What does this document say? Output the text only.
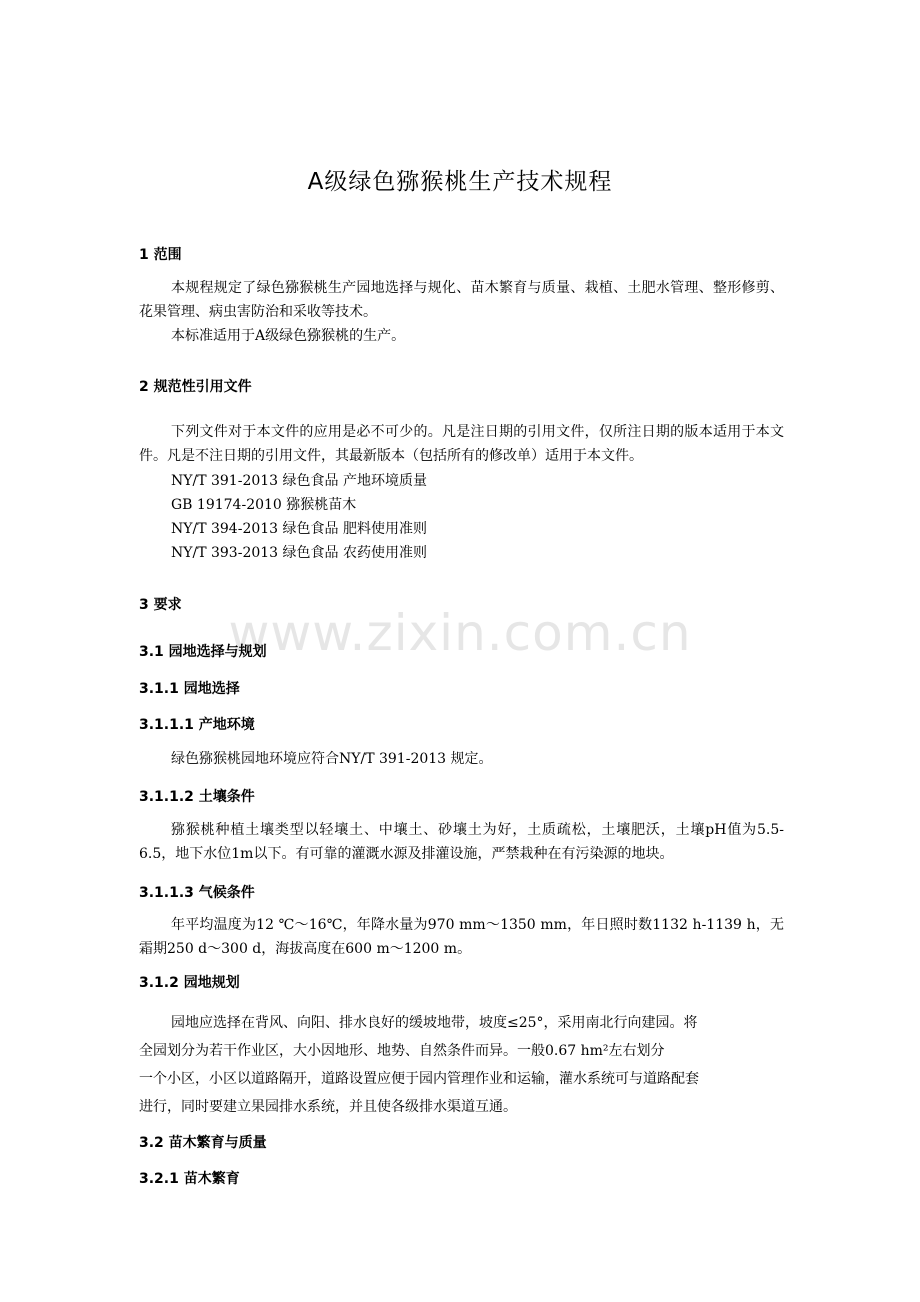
www.zixin.com.cn
A级绿色猕猴桃生产技术规程
1 范围

本规程规定了绿色猕猴桃生产园地选择与规化、苗木繁育与质量、栽植、土肥水管理、整形修剪、花果管理、病虫害防治和采收等技术。

本标准适用于A级绿色猕猴桃的生产。

2 规范性引用文件

下列文件对于本文件的应用是必不可少的。凡是注日期的引用文件，仅所注日期的版本适用于本文件。凡是不注日期的引用文件，其最新版本（包括所有的修改单）适用于本文件。

NY/T 391-2013 绿色食品 产地环境质量
GB 19174-2010 猕猴桃苗木
NY/T 394-2013 绿色食品 肥料使用准则
NY/T 393-2013 绿色食品 农药使用准则
3 要求
3.1 园地选择与规划
3.1.1 园地选择
3.1.1.1 产地环境
绿色猕猴桃园地环境应符合NY/T 391-2013 规定。
3.1.1.2 土壤条件

猕猴桃种植土壤类型以轻壤土、中壤土、砂壤土为好，土质疏松，土壤肥沃，土壤pH值为5.5-6.5，地下水位1m以下。有可靠的灌溉水源及排灌设施，严禁栽种在有污染源的地块。

3.1.1.3 气候条件

年平均温度为12 ℃～16℃，年降水量为970 mm～1350 mm，年日照时数1132 h-1139 h，无霜期250 d～300 d，海拔高度在600 m～1200 m。

3.1.2 园地规划
园地应选择在背风、向阳、排水良好的缓坡地带，坡度≤25°，采用南北行向建园。将
全园划分为若干作业区，大小因地形、地势、自然条件而异。一般0.67 hm²左右划分
一个小区，小区以道路隔开，道路设置应便于园内管理作业和运输，灌水系统可与道路配套
进行，同时要建立果园排水系统，并且使各级排水渠道互通。
3.2 苗木繁育与质量
3.2.1 苗木繁育
